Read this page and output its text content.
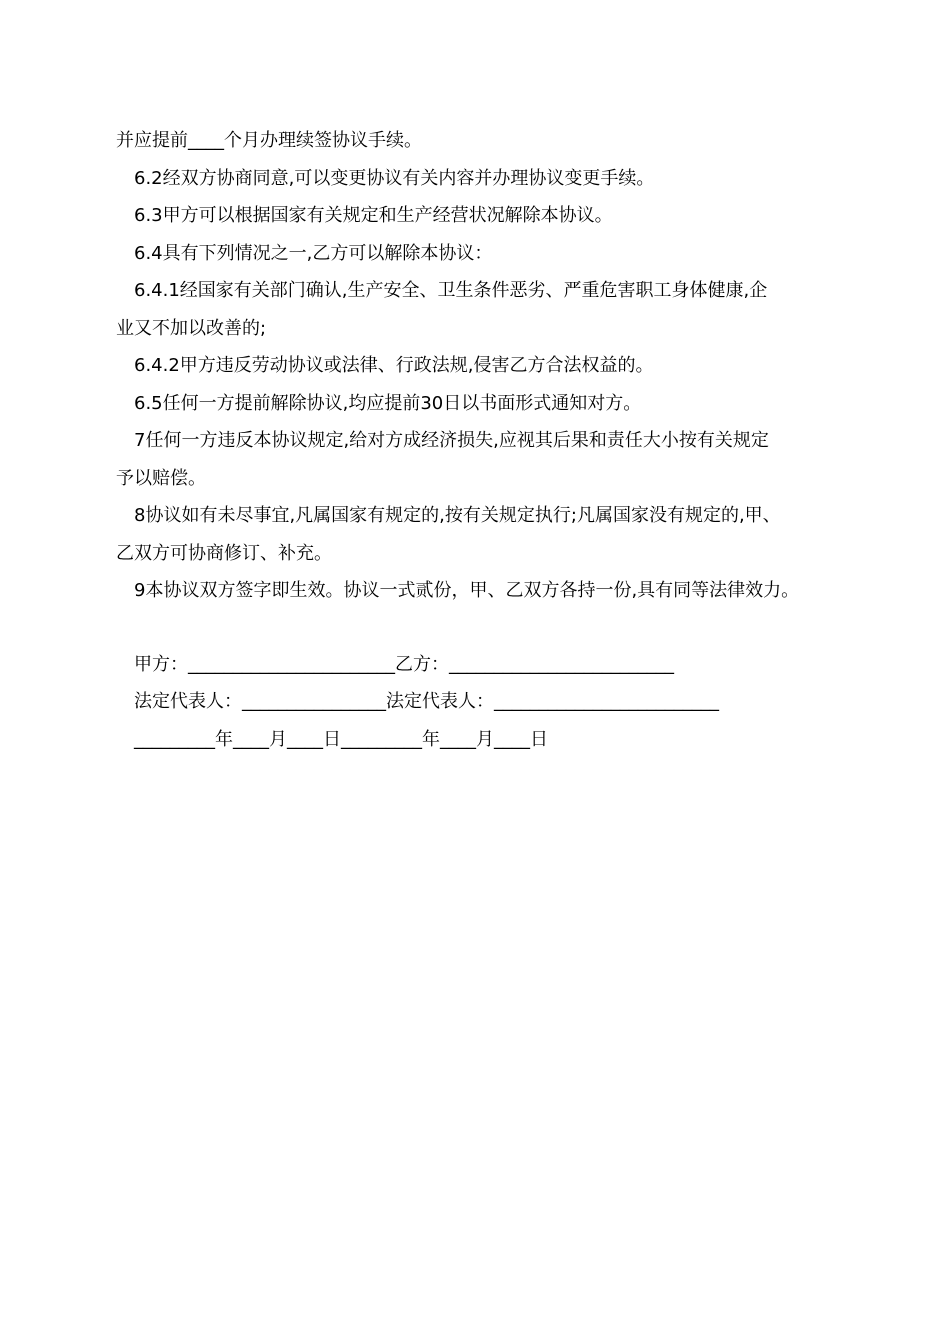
并应提前____个月办理续签协议手续。
6.2经双方协商同意,可以变更协议有关内容并办理协议变更手续。
6.3甲方可以根据国家有关规定和生产经营状况解除本协议。
6.4具有下列情况之一,乙方可以解除本协议：
6.4.1经国家有关部门确认,生产安全、卫生条件恶劣、严重危害职工身体健康,企
业又不加以改善的;
6.4.2甲方违反劳动协议或法律、行政法规,侵害乙方合法权益的。
6.5任何一方提前解除协议,均应提前30日以书面形式通知对方。
7任何一方违反本协议规定,给对方成经济损失,应视其后果和责任大小按有关规定
予以赔偿。
8协议如有未尽事宜,凡属国家有规定的,按有关规定执行;凡属国家没有规定的,甲、
乙双方可协商修订、补充。
9本协议双方签字即生效。协议一式贰份，甲、乙双方各持一份,具有同等法律效力。
甲方：_______________________乙方：_________________________
法定代表人：________________法定代表人：_________________________
_________年____月____日_________年____月____日
